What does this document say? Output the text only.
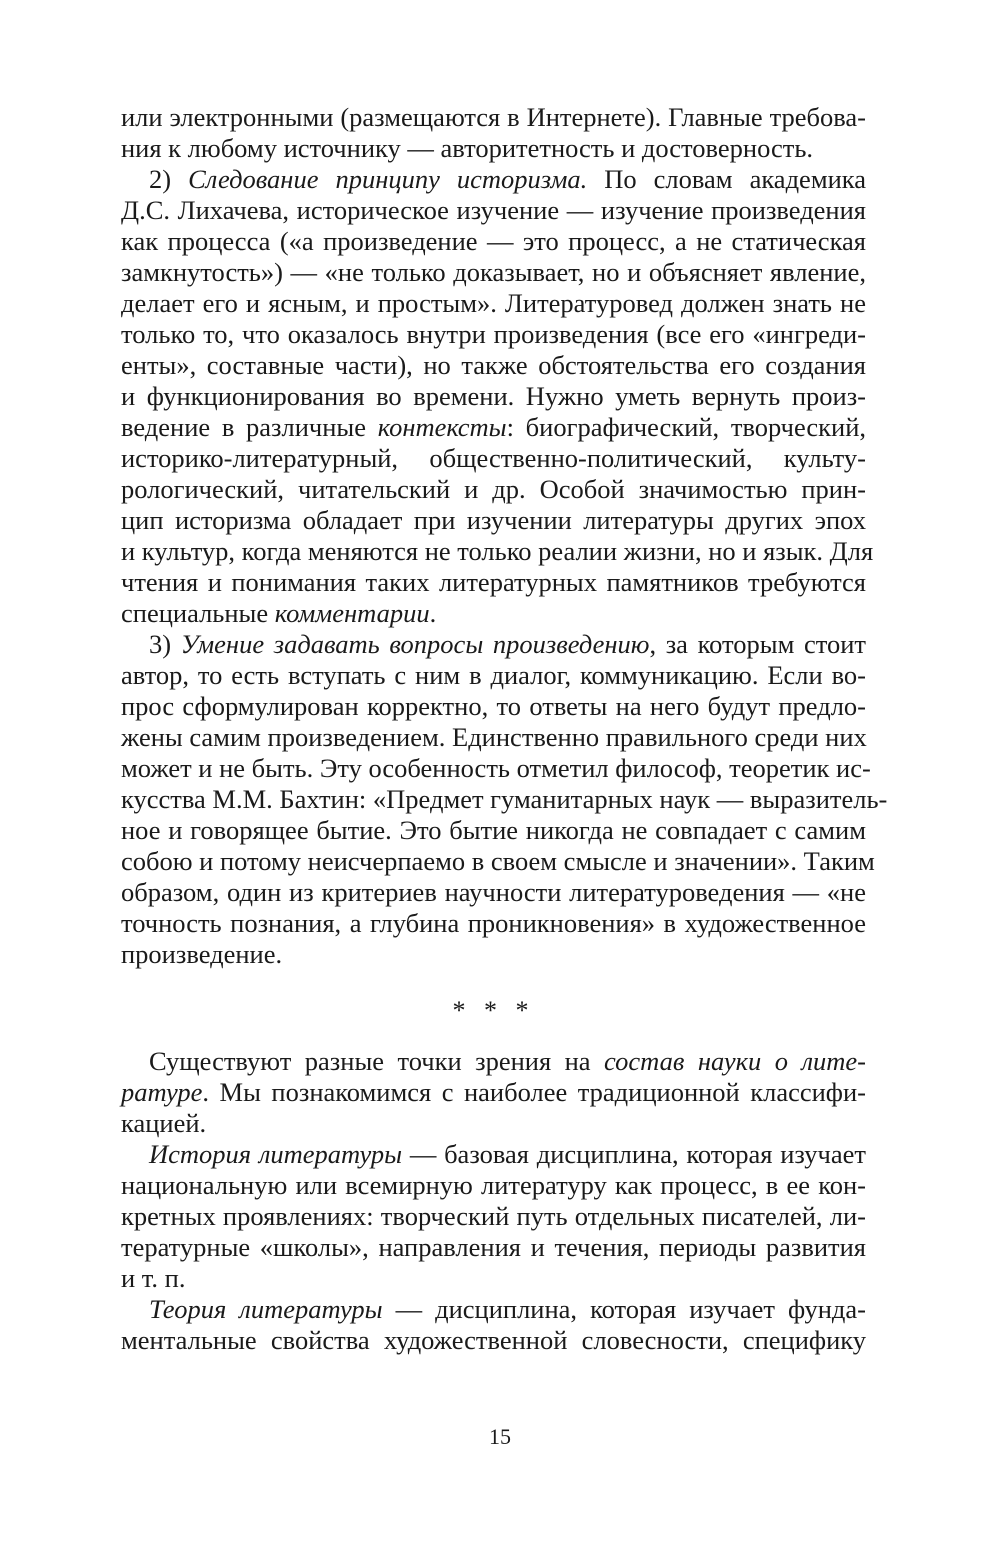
или электронными (размещаются в Интернете). Главные требова-
ния к любому источнику — авторитетность и достоверность.
2) Следование принципу историзма. По словам академика
Д.С. Лихачева, историческое изучение — изучение произведения
как процесса («а произведение — это процесс, а не статическая
замкнутость») — «не только доказывает, но и объясняет явление,
делает его и ясным, и простым». Литературовед должен знать не
только то, что оказалось внутри произведения (все его «ингреди-
енты», составные части), но также обстоятельства его создания
и функционирования во времени. Нужно уметь вернуть произ-
ведение в различные контексты: биографический, творческий,
историко-литературный, общественно-политический, культу-
рологический, читательский и др. Особой значимостью прин-
цип историзма обладает при изучении литературы других эпох
и культур, когда меняются не только реалии жизни, но и язык. Для
чтения и понимания таких литературных памятников требуются
специальные комментарии.
3) Умение задавать вопросы произведению, за которым стоит
автор, то есть вступать с ним в диалог, коммуникацию. Если во-
прос сформулирован корректно, то ответы на него будут предло-
жены самим произведением. Единственно правильного среди них
может и не быть. Эту особенность отметил философ, теоретик ис-
кусства М.М. Бахтин: «Предмет гуманитарных наук — выразитель-
ное и говорящее бытие. Это бытие никогда не совпадает с самим
собою и потому неисчерпаемо в своем смысле и значении». Таким
образом, один из критериев научности литературоведения — «не
точность познания, а глубина проникновения» в художественное
произведение.
* * *
Существуют разные точки зрения на состав науки о лите-
ратуре. Мы познакомимся с наиболее традиционной классифи-
кацией.
История литературы — базовая дисциплина, которая изучает
национальную или всемирную литературу как процесс, в ее кон-
кретных проявлениях: творческий путь отдельных писателей, ли-
тературные «школы», направления и течения, периоды развития
и т. п.
Теория литературы — дисциплина, которая изучает фунда-
ментальные свойства художественной словесности, специфику
15
